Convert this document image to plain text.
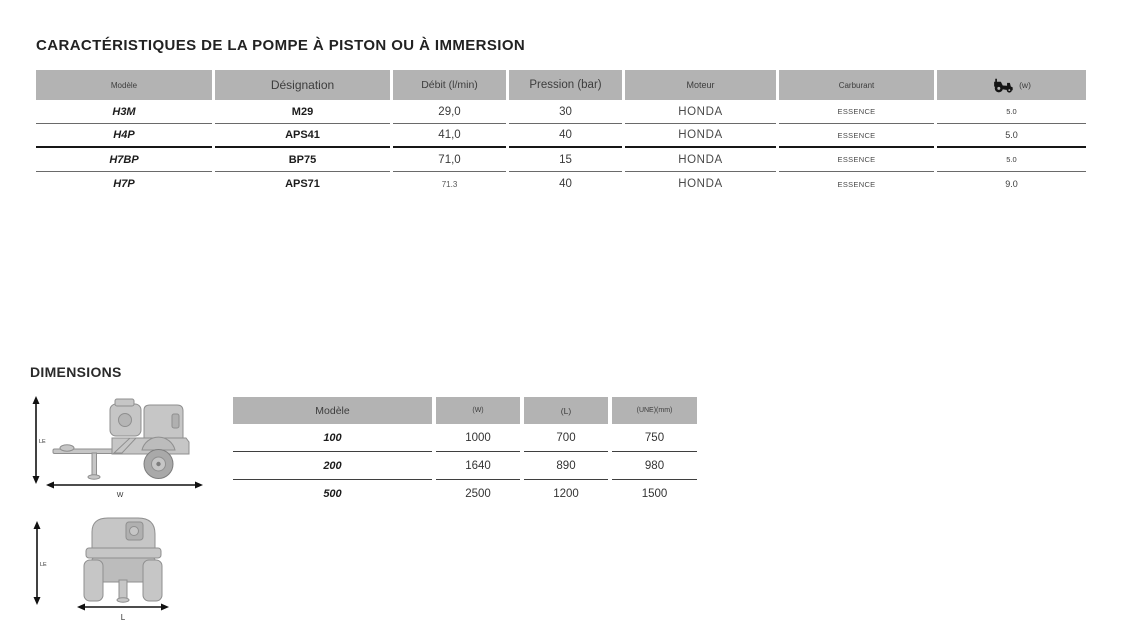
CARACTÉRISTIQUES DE LA POMPE À PISTON OU À IMMERSION
Modèle	Désignation	Débit (l/min)	Pression (bar)	Moteur	Carburant	(w)
H3M	M29	29,0	30	HONDA	ESSENCE	5.0
H4P	APS41	41,0	40	HONDA	ESSENCE	5.0
H7BP	BP75	71,0	15	HONDA	ESSENCE	5.0
H7P	APS71	71.3	40	HONDA	ESSENCE	9.0
DIMENSIONS
LE
W
LE
L
Modèle	(W)	(L)	(UNE)(mm)
100	1000	700	750
200	1640	890	980
500	2500	1200	1500
